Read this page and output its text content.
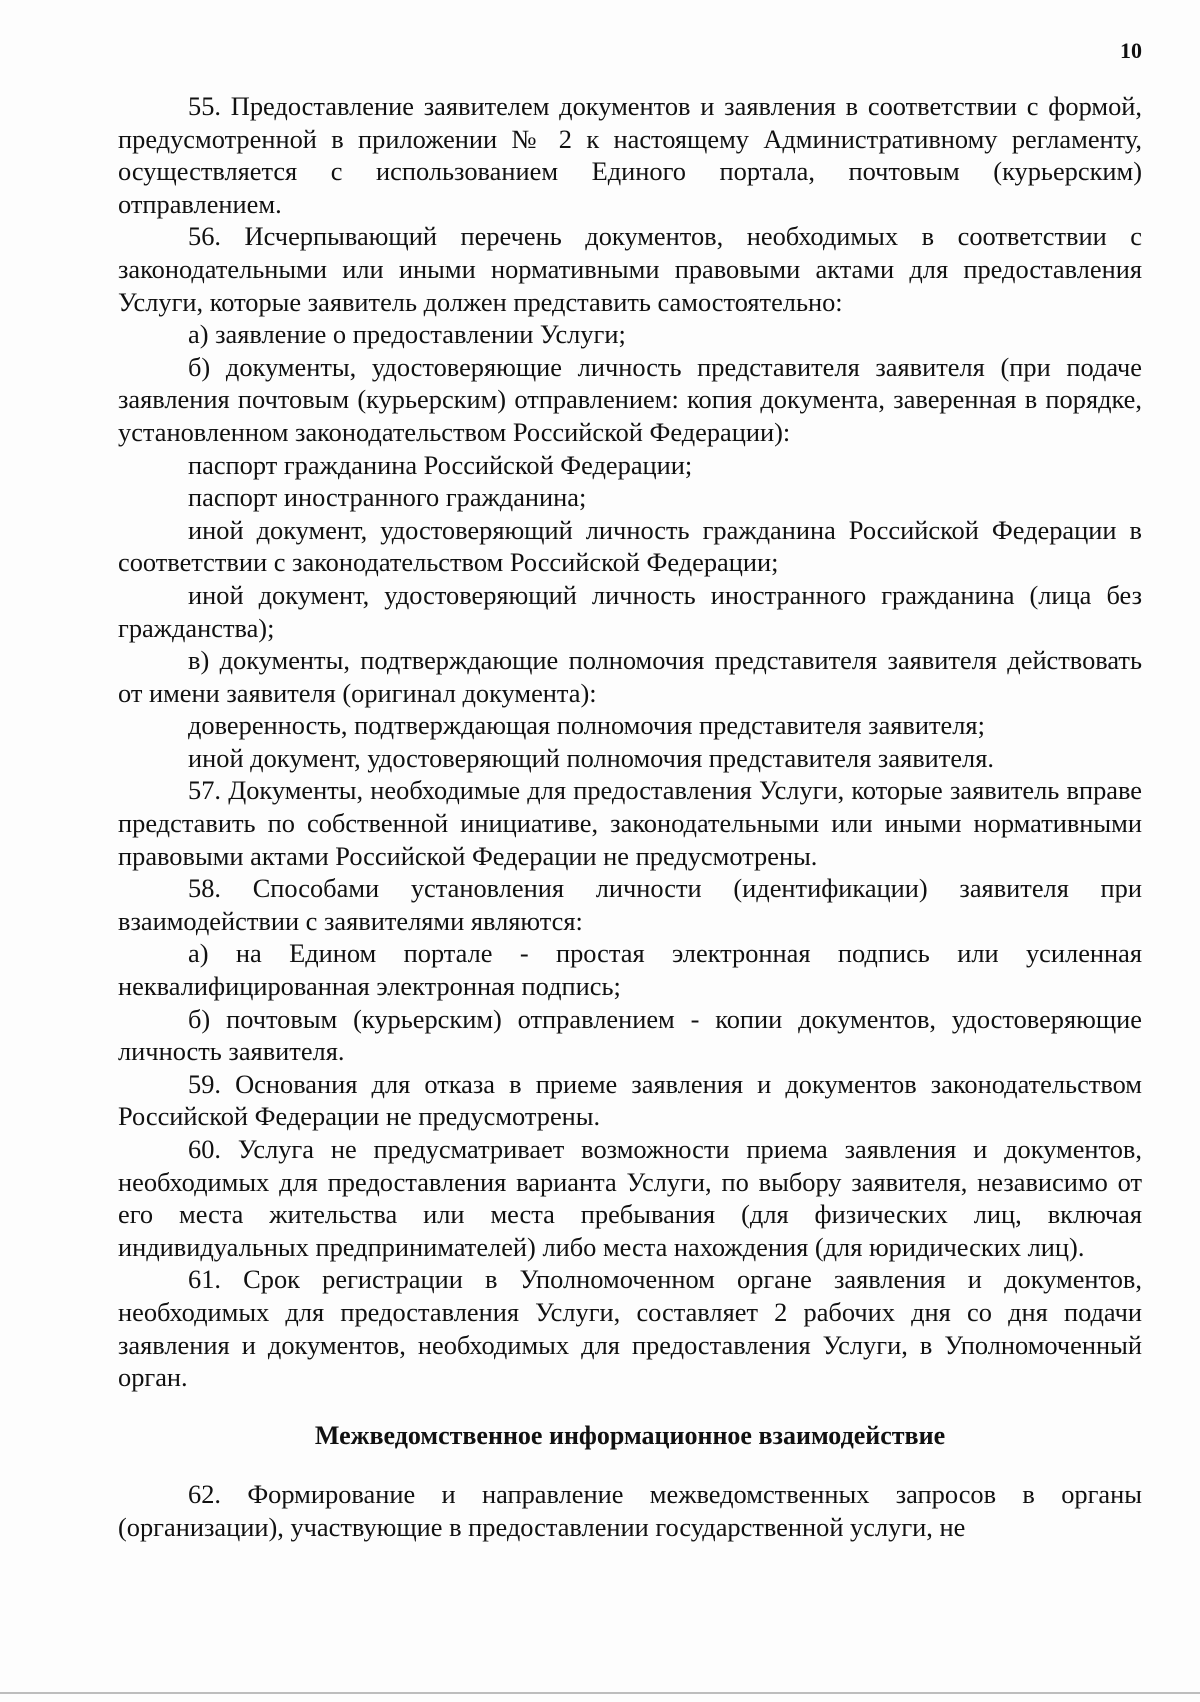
10

55. Предоставление заявителем документов и заявления в соответствии с формой, предусмотренной в приложении № 2 к настоящему Административному регламенту, осуществляется с использованием Единого портала, почтовым (курьерским) отправлением.

56. Исчерпывающий перечень документов, необходимых в соответствии с законодательными или иными нормативными правовыми актами для предоставления Услуги, которые заявитель должен представить самостоятельно:

а) заявление о предоставлении Услуги;

б) документы, удостоверяющие личность представителя заявителя (при подаче заявления почтовым (курьерским) отправлением: копия документа, заверенная в порядке, установленном законодательством Российской Федерации):

паспорт гражданина Российской Федерации;

паспорт иностранного гражданина;

иной документ, удостоверяющий личность гражданина Российской Федерации в соответствии с законодательством Российской Федерации;

иной документ, удостоверяющий личность иностранного гражданина (лица без гражданства);

в) документы, подтверждающие полномочия представителя заявителя действовать от имени заявителя (оригинал документа):

доверенность, подтверждающая полномочия представителя заявителя;

иной документ, удостоверяющий полномочия представителя заявителя.

57. Документы, необходимые для предоставления Услуги, которые заявитель вправе представить по собственной инициативе, законодательными или иными нормативными правовыми актами Российской Федерации не предусмотрены.

58. Способами установления личности (идентификации) заявителя при взаимодействии с заявителями являются:

а) на Едином портале - простая электронная подпись или усиленная неквалифицированная электронная подпись;

б) почтовым (курьерским) отправлением - копии документов, удостоверяющие личность заявителя.

59. Основания для отказа в приеме заявления и документов законодательством Российской Федерации не предусмотрены.

60. Услуга не предусматривает возможности приема заявления и документов, необходимых для предоставления варианта Услуги, по выбору заявителя, независимо от его места жительства или места пребывания (для физических лиц, включая индивидуальных предпринимателей) либо места нахождения (для юридических лиц).

61. Срок регистрации в Уполномоченном органе заявления и документов, необходимых для предоставления Услуги, составляет 2 рабочих дня со дня подачи заявления и документов, необходимых для предоставления Услуги, в Уполномоченный орган.

Межведомственное информационное взаимодействие

62. Формирование и направление межведомственных запросов в органы (организации), участвующие в предоставлении государственной услуги, не
